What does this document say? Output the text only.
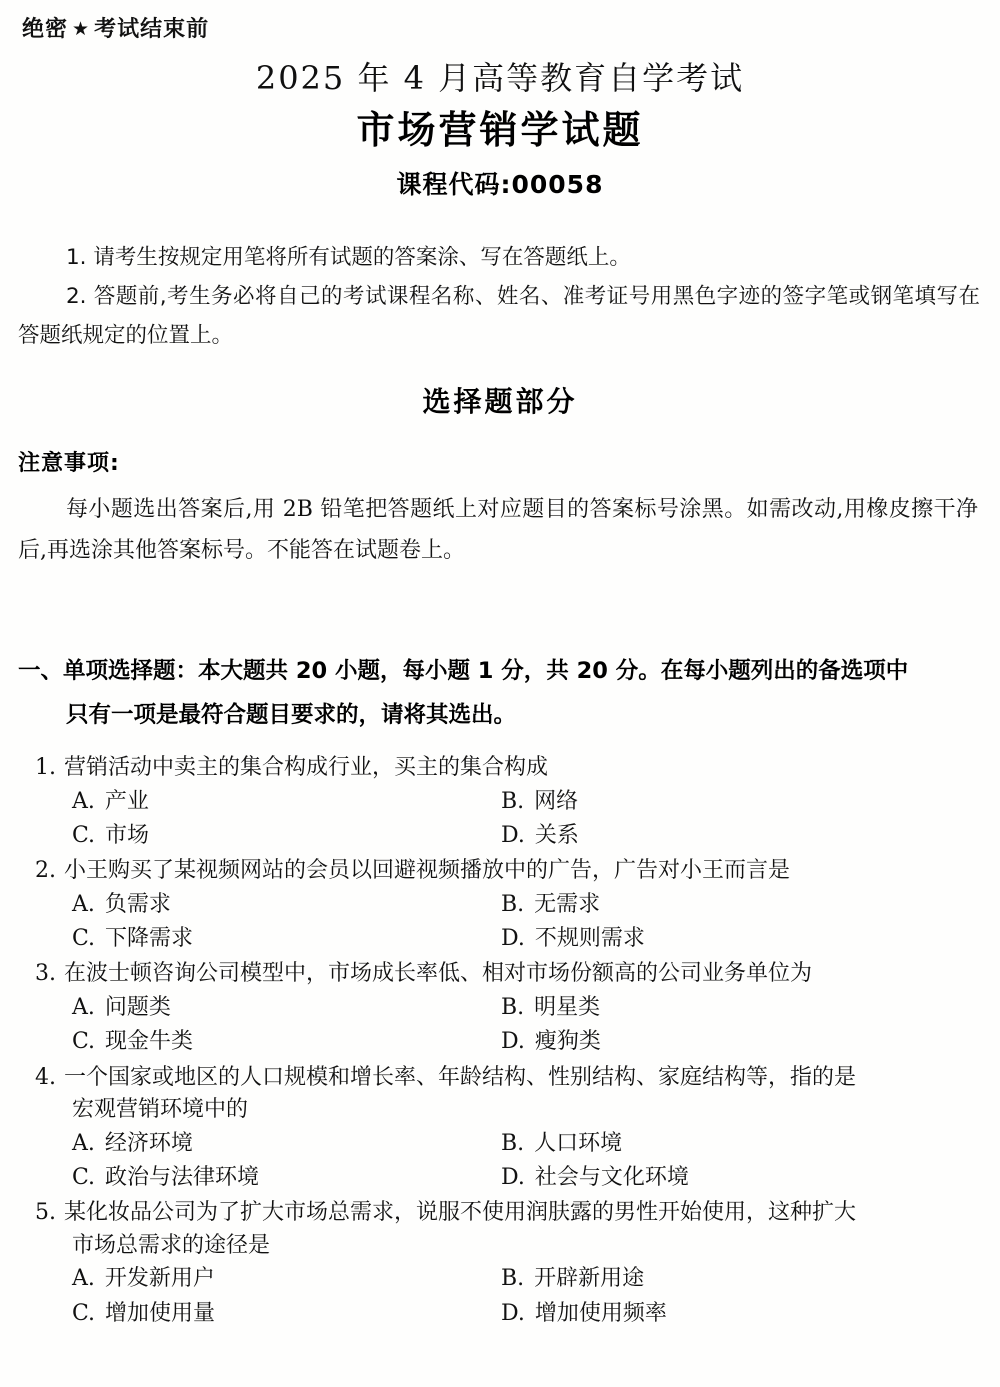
绝密 ★ 考试结束前
2025 年 4 月高等教育自学考试
市场营销学试题
课程代码:00058
1. 请考生按规定用笔将所有试题的答案涂、写在答题纸上。
2. 答题前,考生务必将自己的考试课程名称、姓名、准考证号用黑色字迹的签字笔或钢笔填写在答题纸规定的位置上。
选择题部分
注意事项:
每小题选出答案后,用 2B 铅笔把答题纸上对应题目的答案标号涂黑。如需改动,用橡皮擦干净后,再选涂其他答案标号。不能答在试题卷上。
一、单项选择题：本大题共 20 小题，每小题 1 分，共 20 分。在每小题列出的备选项中
只有一项是最符合题目要求的，请将其选出。
1. 营销活动中卖主的集合构成行业，买主的集合构成
A. 产业	B. 网络
C. 市场	D. 关系
2. 小王购买了某视频网站的会员以回避视频播放中的广告，广告对小王而言是
A. 负需求	B. 无需求
C. 下降需求	D. 不规则需求
3. 在波士顿咨询公司模型中，市场成长率低、相对市场份额高的公司业务单位为
A. 问题类	B. 明星类
C. 现金牛类	D. 瘦狗类
4. 一个国家或地区的人口规模和增长率、年龄结构、性别结构、家庭结构等，指的是
宏观营销环境中的
A. 经济环境	B. 人口环境
C. 政治与法律环境	D. 社会与文化环境
5. 某化妆品公司为了扩大市场总需求，说服不使用润肤露的男性开始使用，这种扩大
市场总需求的途径是
A. 开发新用户	B. 开辟新用途
C. 增加使用量	D. 增加使用频率
